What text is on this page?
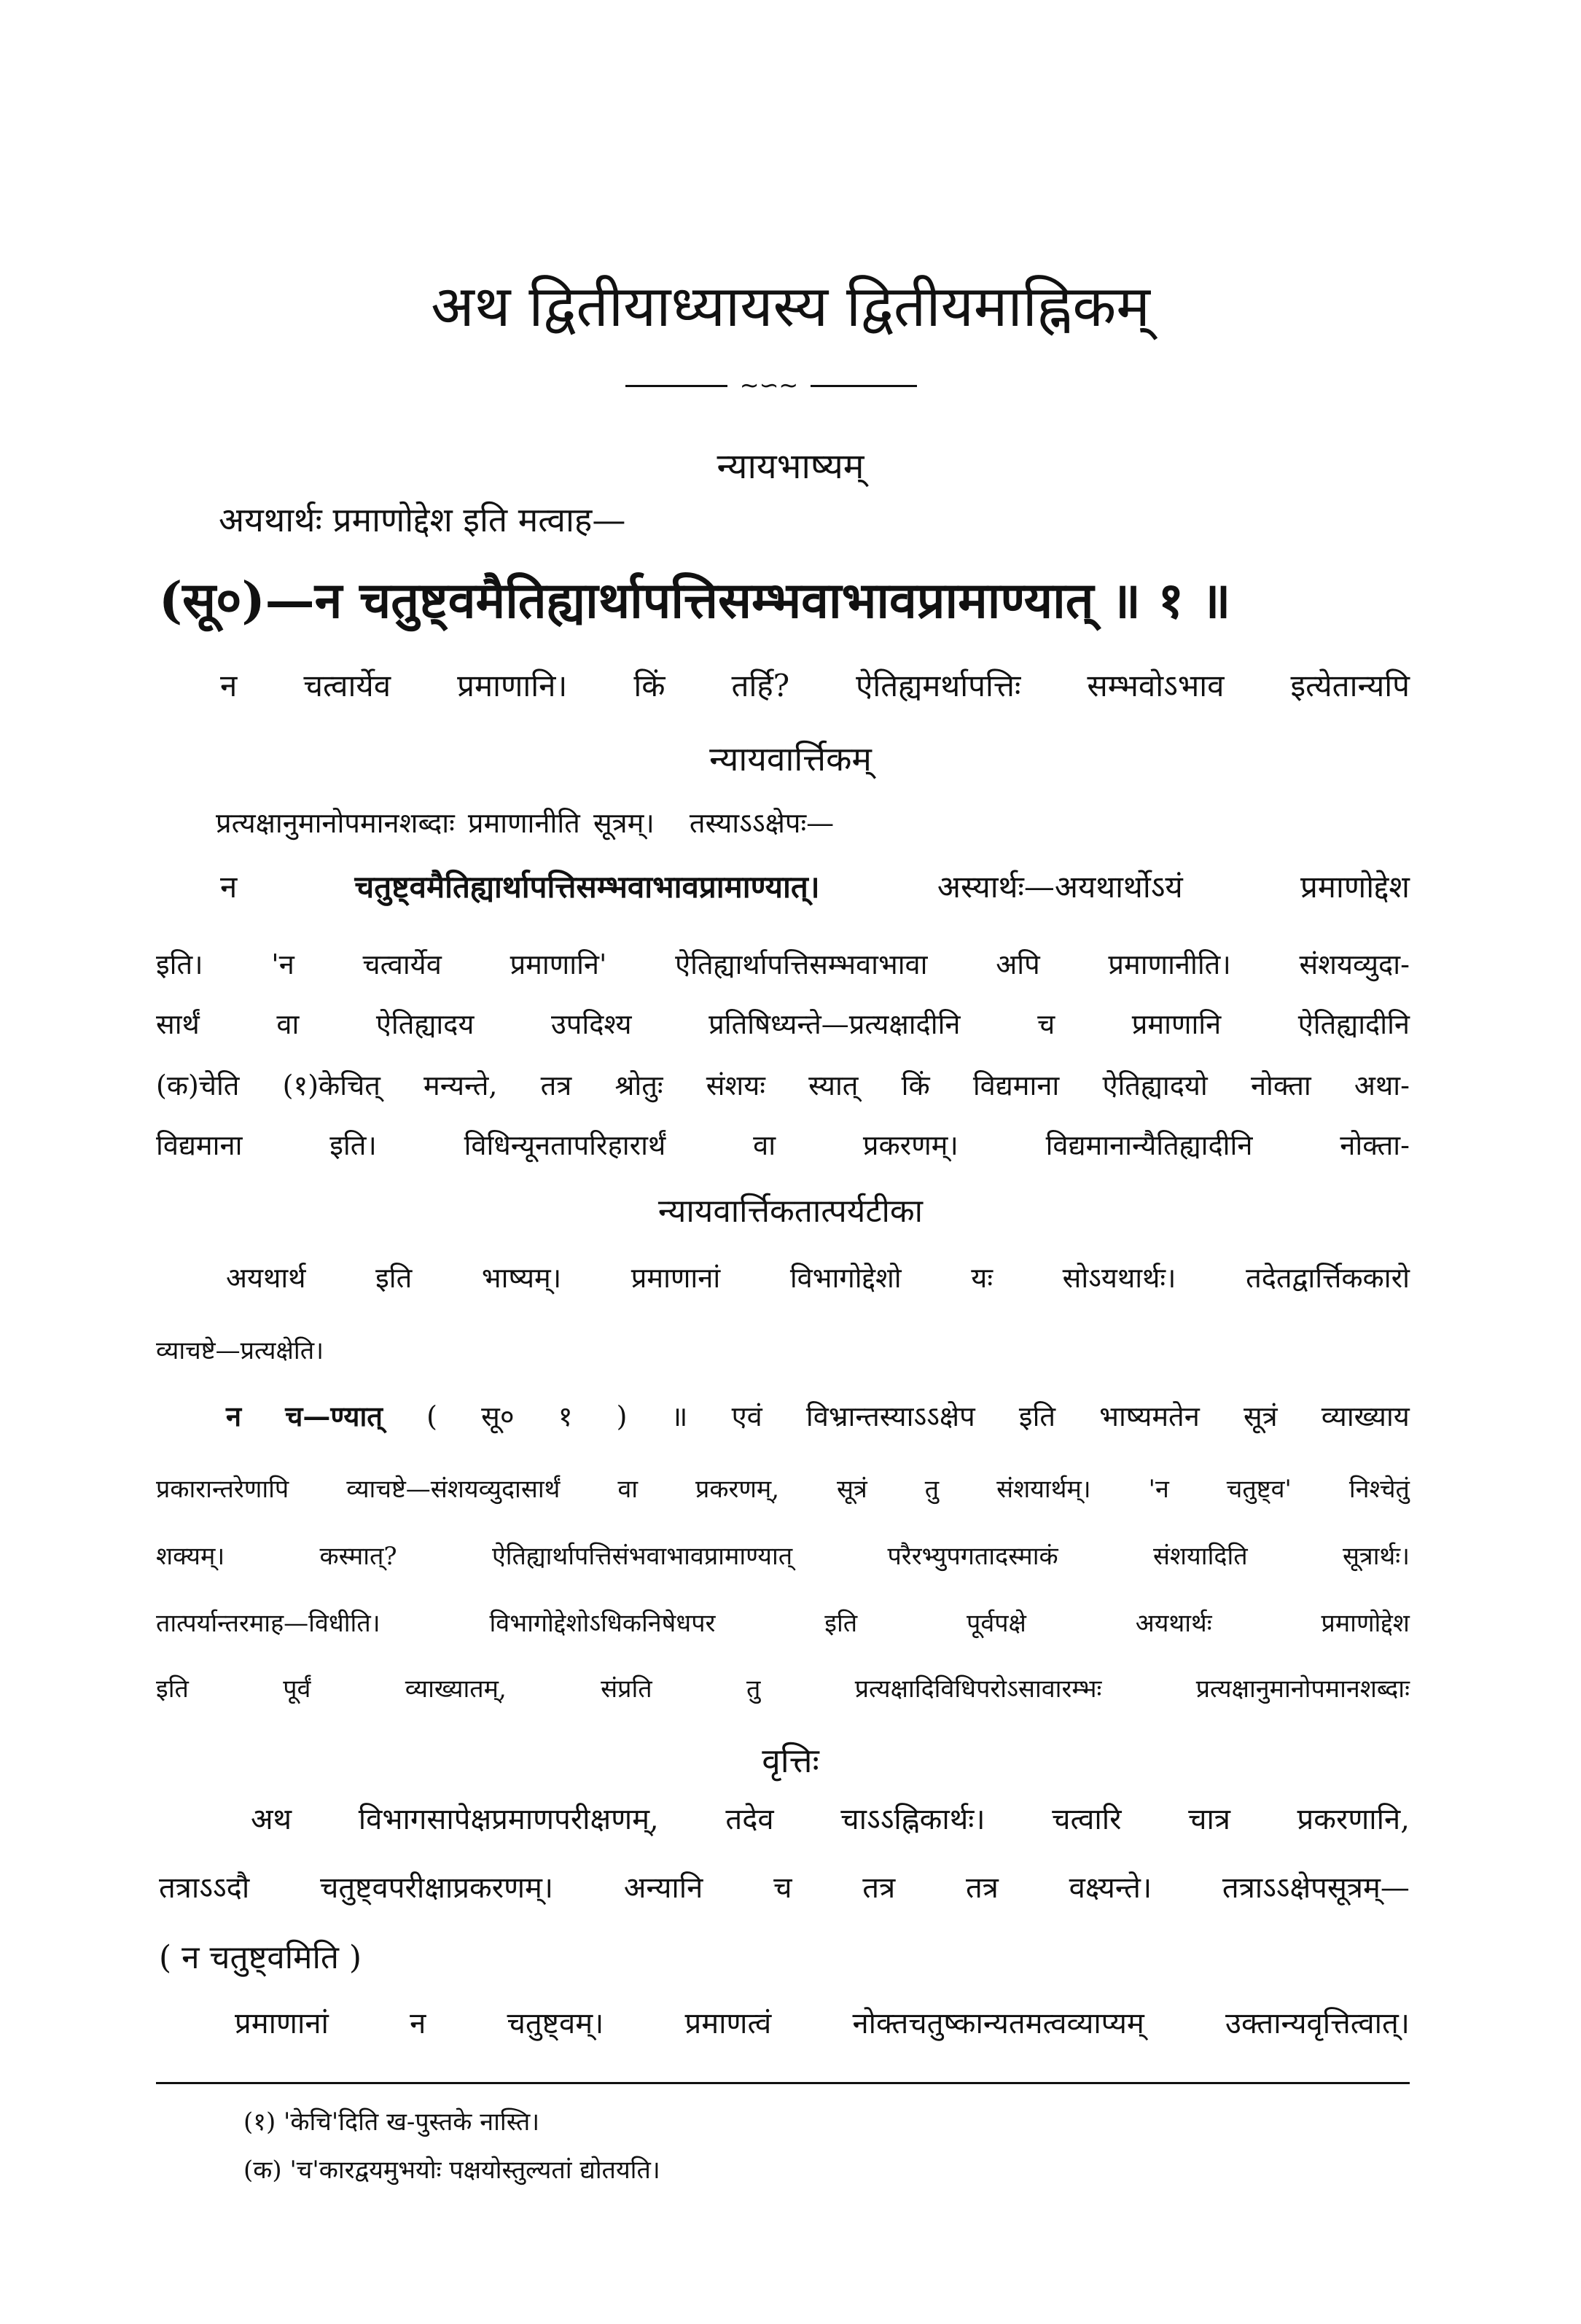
अथ द्वितीयाध्यायस्य द्वितीयमाह्निकम्
~∽~
न्यायभाष्यम्
अयथार्थः प्रमाणोद्देश इति मत्वाह—
(सू०)—न चतुष्ट्वमैतिह्यार्थापत्तिसम्भवाभावप्रामाण्यात् ॥ १ ॥
न चत्वार्येव प्रमाणानि। किं तर्हि? ऐतिह्यमर्थापत्तिः सम्भवोऽभाव इत्येतान्यपि
न्यायवार्त्तिकम्
प्रत्यक्षानुमानोपमानशब्दाः प्रमाणानीति सूत्रम्। तस्याऽऽक्षेपः—
न	चतुष्ट्वमैतिह्यार्थापत्तिसम्भवाभावप्रामाण्यात्।	अस्यार्थः—अयथार्थोऽयं	प्रमाणोद्देश
इति। 'न चत्वार्येव प्रमाणानि' ऐतिह्यार्थापत्तिसम्भवाभावा अपि प्रमाणानीति। संशयव्युदा-
सार्थं	वा	ऐतिह्यादय	उपदिश्य	प्रतिषिध्यन्ते—प्रत्यक्षादीनि	च	प्रमाणानि	ऐतिह्यादीनि
(क)चेति (१)केचित् मन्यन्ते, तत्र श्रोतुः संशयः स्यात् किं विद्यमाना ऐतिह्यादयो नोक्ता अथा-
विद्यमाना	इति।	विधिन्यूनतापरिहारार्थं	वा	प्रकरणम्।	विद्यमानान्यैतिह्यादीनि	नोक्ता-
न्यायवार्त्तिकतात्पर्यटीका
अयथार्थ	इति	भाष्यम्।	प्रमाणानां	विभागोद्देशो	यः	सोऽयथार्थः।	तदेतद्वार्त्तिककारो
व्याचष्टे—प्रत्यक्षेति।
न च—ण्यात् ( सू० १ ) ॥ एवं विभ्रान्तस्याऽऽक्षेप इति भाष्यमतेन सूत्रं व्याख्याय
प्रकारान्तरेणापि व्याचष्टे—संशयव्युदासार्थं वा प्रकरणम्, सूत्रं तु संशयार्थम्। 'न चतुष्ट्व' निश्चेतुं
शक्यम्।	कस्मात्?	ऐतिह्यार्थापत्तिसंभवाभावप्रामाण्यात्	परैरभ्युपगतादस्माकं	संशयादिति	सूत्रार्थः।
तात्पर्यान्तरमाह—विधीति।	विभागोद्देशोऽधिकनिषेधपर	इति	पूर्वपक्षे	अयथार्थः	प्रमाणोद्देश
इति	पूर्वं	व्याख्यातम्,	संप्रति	तु	प्रत्यक्षादिविधिपरोऽसावारम्भः	प्रत्यक्षानुमानोपमानशब्दाः
वृत्तिः
अथ विभागसापेक्षप्रमाणपरीक्षणम्, तदेव चाऽऽह्निकार्थः। चत्वारि चात्र प्रकरणानि,
तत्राऽऽदौ चतुष्ट्वपरीक्षाप्रकरणम्। अन्यानि च तत्र तत्र वक्ष्यन्ते। तत्राऽऽक्षेपसूत्रम्—
( न चतुष्ट्वमिति )
प्रमाणानां	न	चतुष्ट्वम्।	प्रमाणत्वं	नोक्तचतुष्कान्यतमत्वव्याप्यम्	उक्तान्यवृत्तित्वात्।
(१) 'केचि'दिति ख-पुस्तके नास्ति।
(क) 'च'कारद्वयमुभयोः पक्षयोस्तुल्यतां द्योतयति।
